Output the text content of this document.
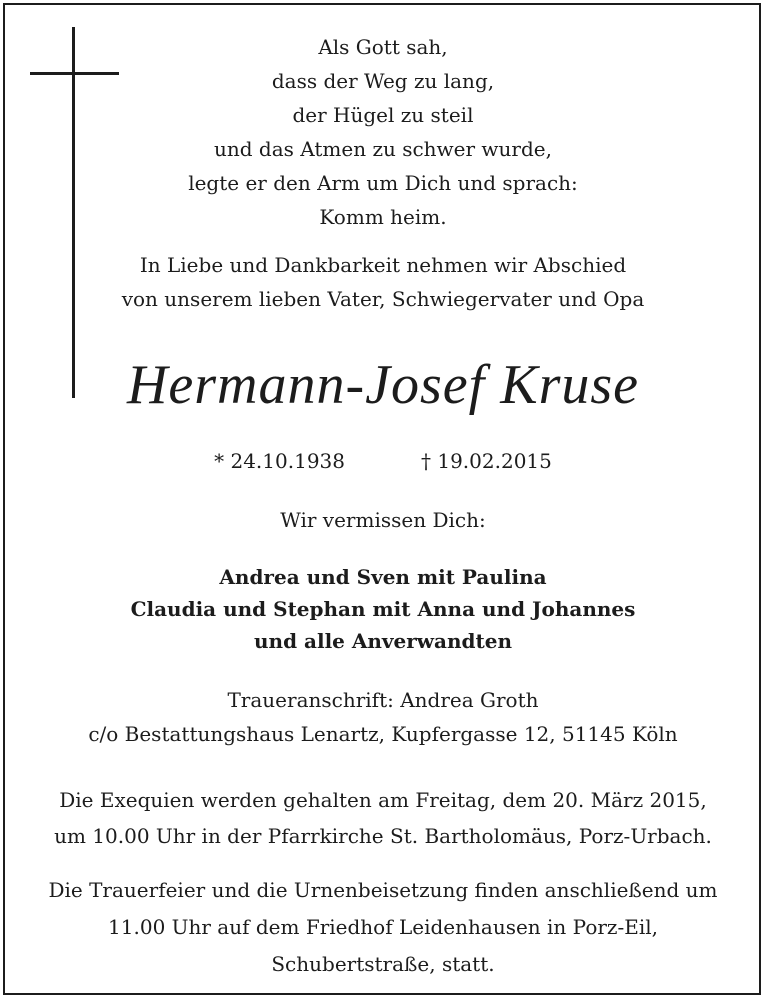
Als Gott sah,
dass der Weg zu lang,
der Hügel zu steil
und das Atmen zu schwer wurde,
legte er den Arm um Dich und sprach:
Komm heim.
In Liebe und Dankbarkeit nehmen wir Abschied
von unserem lieben Vater, Schwiegervater und Opa
Hermann-Josef Kruse
* 24.10.1938	† 19.02.2015
Wir vermissen Dich:
Andrea und Sven mit Paulina
Claudia und Stephan mit Anna und Johannes
und alle Anverwandten
Traueranschrift: Andrea Groth
c/o Bestattungshaus Lenartz, Kupfergasse 12, 51145 Köln
Die Exequien werden gehalten am Freitag, dem 20. März 2015,
um 10.00 Uhr in der Pfarrkirche St. Bartholomäus, Porz-Urbach.
Die Trauerfeier und die Urnenbeisetzung finden anschließend um
11.00 Uhr auf dem Friedhof Leidenhausen in Porz-Eil,
Schubertstraße, statt.
